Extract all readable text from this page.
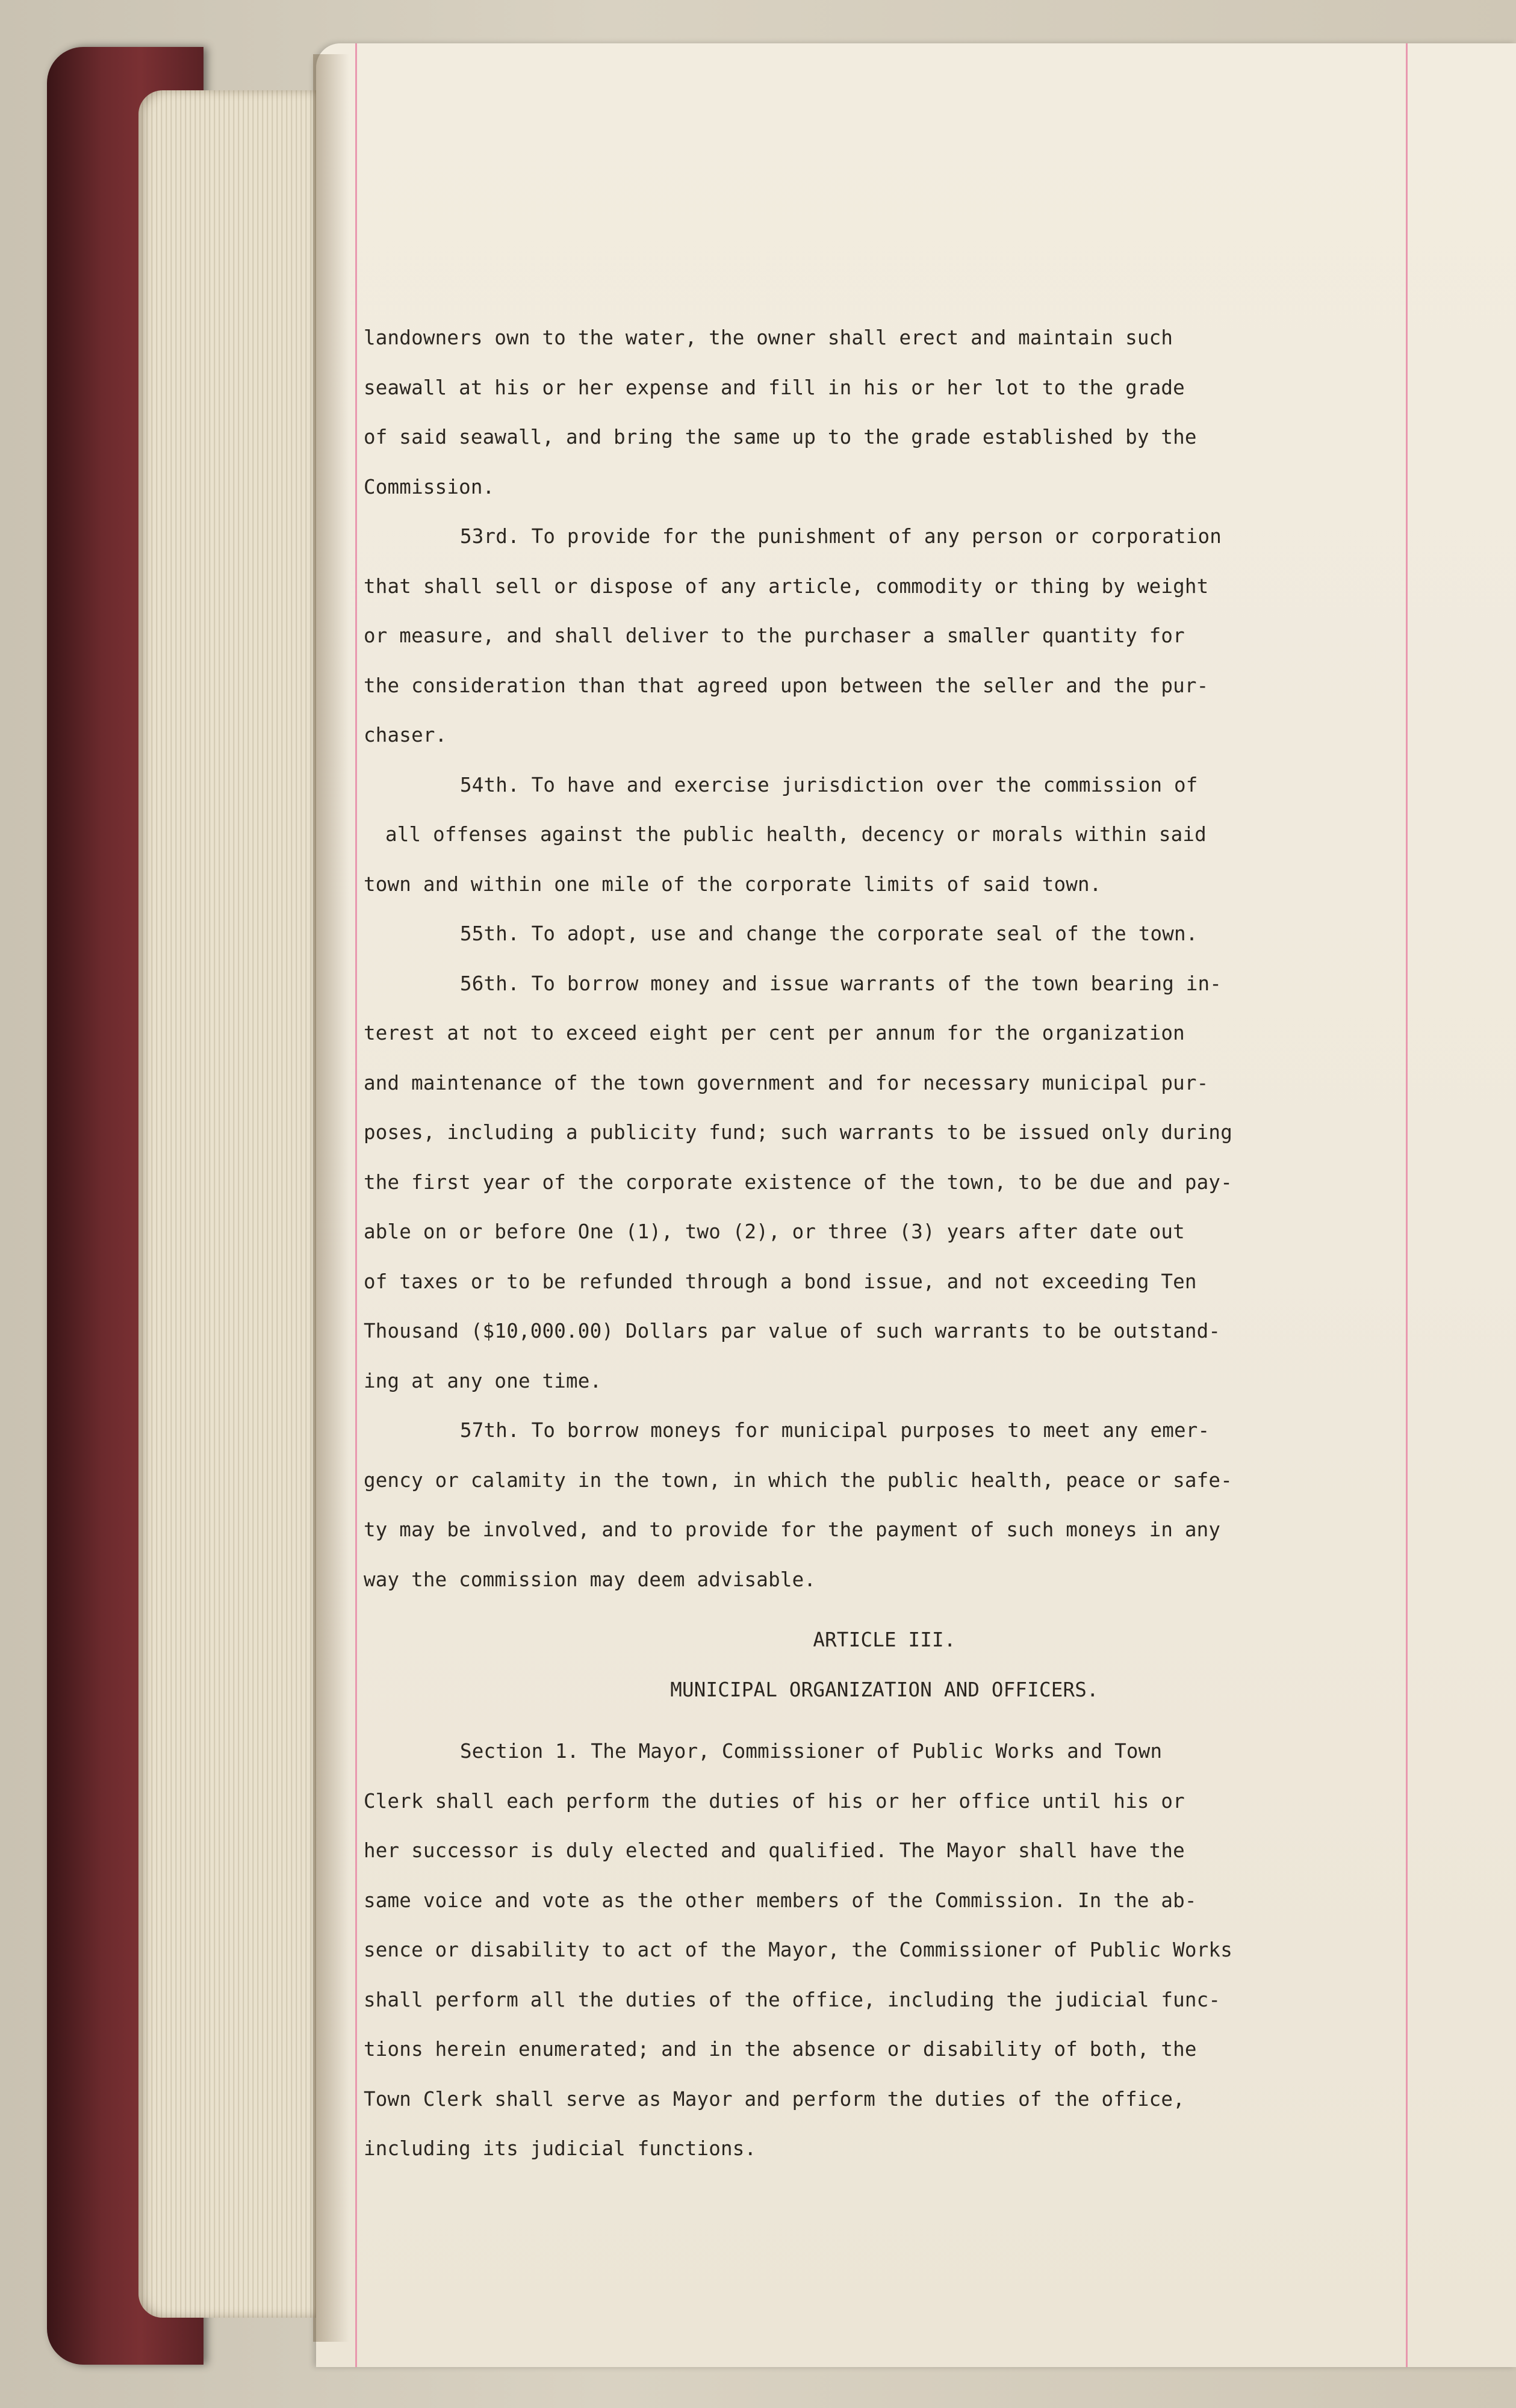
landowners own to the water, the owner shall erect and maintain such

seawall at his or her expense and fill in his or her lot to the grade

of said seawall, and bring the same up to the grade established by the

Commission.

53rd. To provide for the punishment of any person or corporation

that shall sell or dispose of any article, commodity or thing by weight

or measure, and shall deliver to the purchaser a smaller quantity for

the consideration than that agreed upon between the seller and the pur-

chaser.

54th. To have and exercise jurisdiction over the commission of

all offenses against the public health, decency or morals within said

town and within one mile of the corporate limits of said town.

55th. To adopt, use and change the corporate seal of the town.

56th. To borrow money and issue warrants of the town bearing in-

terest at not to exceed eight per cent per annum for the organization

and maintenance of the town government and for necessary municipal pur-

poses, including a publicity fund; such warrants to be issued only during

the first year of the corporate existence of the town, to be due and pay-

able on or before One (1), two (2), or three (3) years after date out

of taxes or to be refunded through a bond issue, and not exceeding Ten

Thousand ($10,000.00) Dollars par value of such warrants to be outstand-

ing at any one time.

57th. To borrow moneys for municipal purposes to meet any emer-

gency or calamity in the town, in which the public health, peace or safe-

ty may be involved, and to provide for the payment of such moneys in any

way the commission may deem advisable.

ARTICLE III.

MUNICIPAL ORGANIZATION AND OFFICERS.

Section 1. The Mayor, Commissioner of Public Works and Town

Clerk shall each perform the duties of his or her office until his or

her successor is duly elected and qualified. The Mayor shall have the

same voice and vote as the other members of the Commission. In the ab-

sence or disability to act of the Mayor, the Commissioner of Public Works

shall perform all the duties of the office, including the judicial func-

tions herein enumerated; and in the absence or disability of both, the

Town Clerk shall serve as Mayor and perform the duties of the office,

including its judicial functions.
